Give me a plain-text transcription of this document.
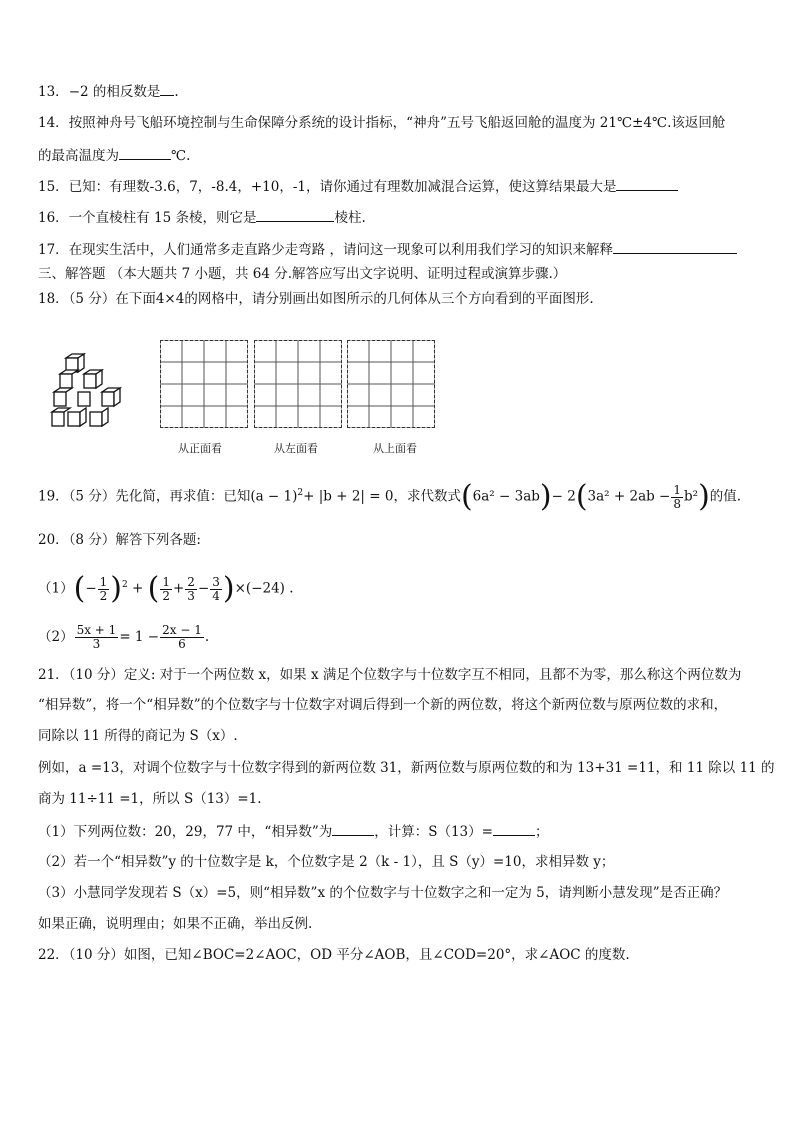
13．−2 的相反数是 .
14．按照神舟号飞船环境控制与生命保障分系统的设计指标，“神舟”五号飞船返回舱的温度为 21℃±4℃.该返回舱
的最高温度为	℃.
15．已知：有理数-3.6，7，-8.4，+10，-1，请你通过有理数加减混合运算，使这算结果最大是
16．一个直棱柱有 15 条棱，则它是	棱柱.
17．在现实生活中，人们通常多走直路少走弯路 ，请问这一现象可以利用我们学习的知识来解释
三、解答题 （本大题共 7 小题，共 64 分.解答应写出文字说明、证明过程或演算步骤.）
18．（5 分）在下面4×4的网格中，请分别画出如图所示的几何体从三个方向看到的平面图形.
从正面看	从左面看	从上面看
19．（5 分）先化简，再求值：已知$(a - 1)^2+ |b + 2| = 0$，求代数式$(6a^2 - 3ab)- 2(3a^2 + 2ab - \frac{1}{8} b^2)$的值.
20．（8 分）解答下列各题:
$(1)(- \frac{1}{2} )^2$ + ( $\frac{1}{2} + \frac{2}{3} - \frac{3}{4} )\times(-24)$ .
$(2) \frac{5x + 1}{3} = 1 - \frac{2x - 1}{6}$ .
21．（10 分）定义: 对于一个两位数 x，如果 x 满足个位数字与十位数字互不相同，且都不为零，那么称这个两位数为
“相异数”，将一个“相异数”的个位数字与十位数字对调后得到一个新的两位数，将这个新两位数与原两位数的求和，
同除以 11 所得的商记为 S（x）.
例如，a =13，对调个位数字与十位数字得到的新两位数 31，新两位数与原两位数的和为 13+31 =11，和 11 除以 11 的
商为 11÷11 =1，所以 S（13）=1.
（1）下列两位数：20，29，77 中，“相异数”为	，计算：S（13）=	；
（2）若一个“相异数”y 的十位数字是 k，个位数字是 2（k - 1），且 S（y）=10，求相异数 y；
（3）小慧同学发现若 S（x）=5，则“相异数”x 的个位数字与十位数字之和一定为 5，请判断小慧发现”是否正确？
如果正确，说明理由；如果不正确，举出反例.
22．（10 分）如图，已知∠BOC=2∠AOC，OD 平分∠AOB，且∠COD=20°，求∠AOC 的度数.
